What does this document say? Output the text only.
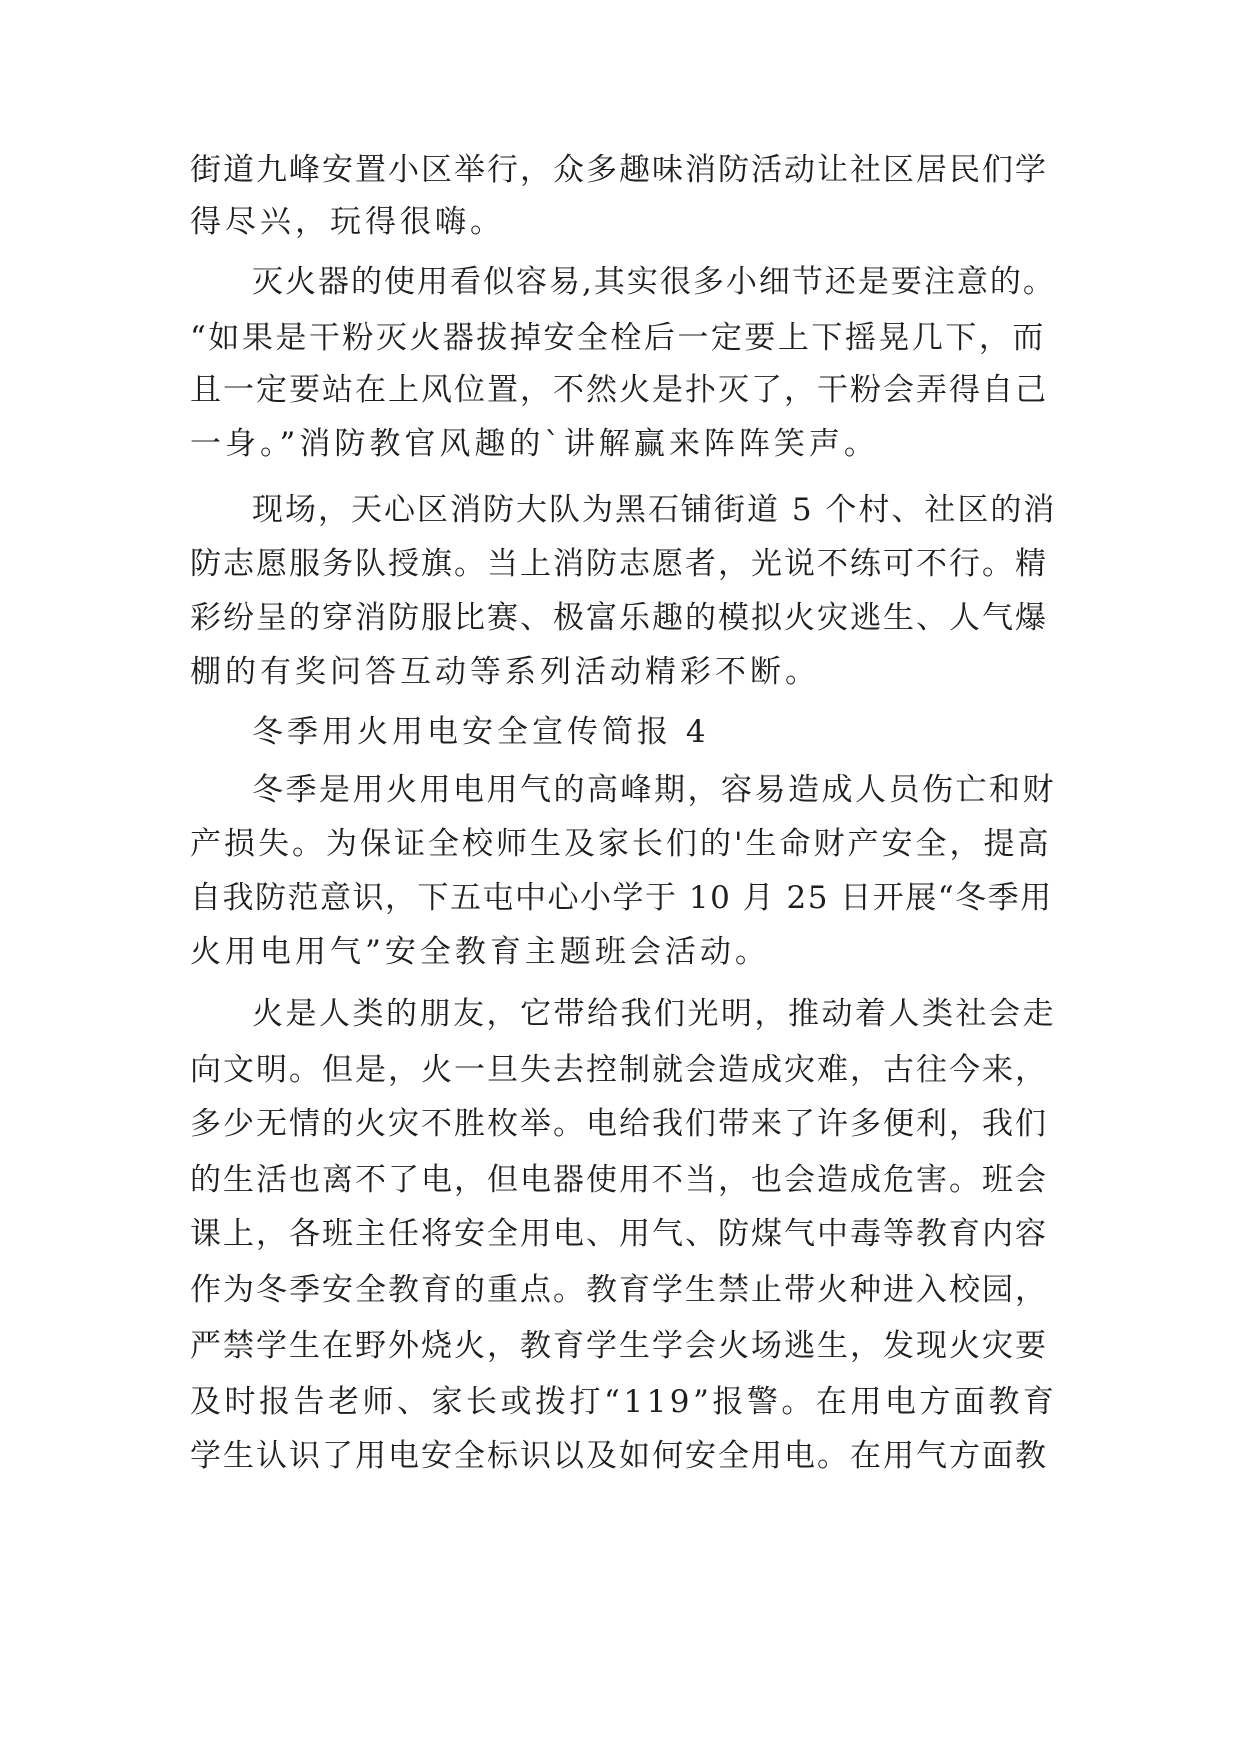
街道九峰安置小区举行，众多趣味消防活动让社区居民们学
得尽兴，玩得很嗨。
灭火器的使用看似容易,其实很多小细节还是要注意的。
“如果是干粉灭火器拔掉安全栓后一定要上下摇晃几下，而
且一定要站在上风位置，不然火是扑灭了，干粉会弄得自己
一身。”消防教官风趣的`讲解赢来阵阵笑声。
现场，天心区消防大队为黑石铺街道 5 个村、社区的消
防志愿服务队授旗。当上消防志愿者，光说不练可不行。精
彩纷呈的穿消防服比赛、极富乐趣的模拟火灾逃生、人气爆
棚的有奖问答互动等系列活动精彩不断。
冬季用火用电安全宣传简报 4
冬季是用火用电用气的高峰期，容易造成人员伤亡和财
产损失。为保证全校师生及家长们的'生命财产安全，提高
自我防范意识，下五屯中心小学于 10 月 25 日开展“冬季用
火用电用气”安全教育主题班会活动。
火是人类的朋友，它带给我们光明，推动着人类社会走
向文明。但是，火一旦失去控制就会造成灾难，古往今来，
多少无情的火灾不胜枚举。电给我们带来了许多便利，我们
的生活也离不了电，但电器使用不当，也会造成危害。班会
课上，各班主任将安全用电、用气、防煤气中毒等教育内容
作为冬季安全教育的重点。教育学生禁止带火种进入校园，
严禁学生在野外烧火，教育学生学会火场逃生，发现火灾要
及时报告老师、家长或拨打“119”报警。在用电方面教育
学生认识了用电安全标识以及如何安全用电。在用气方面教
